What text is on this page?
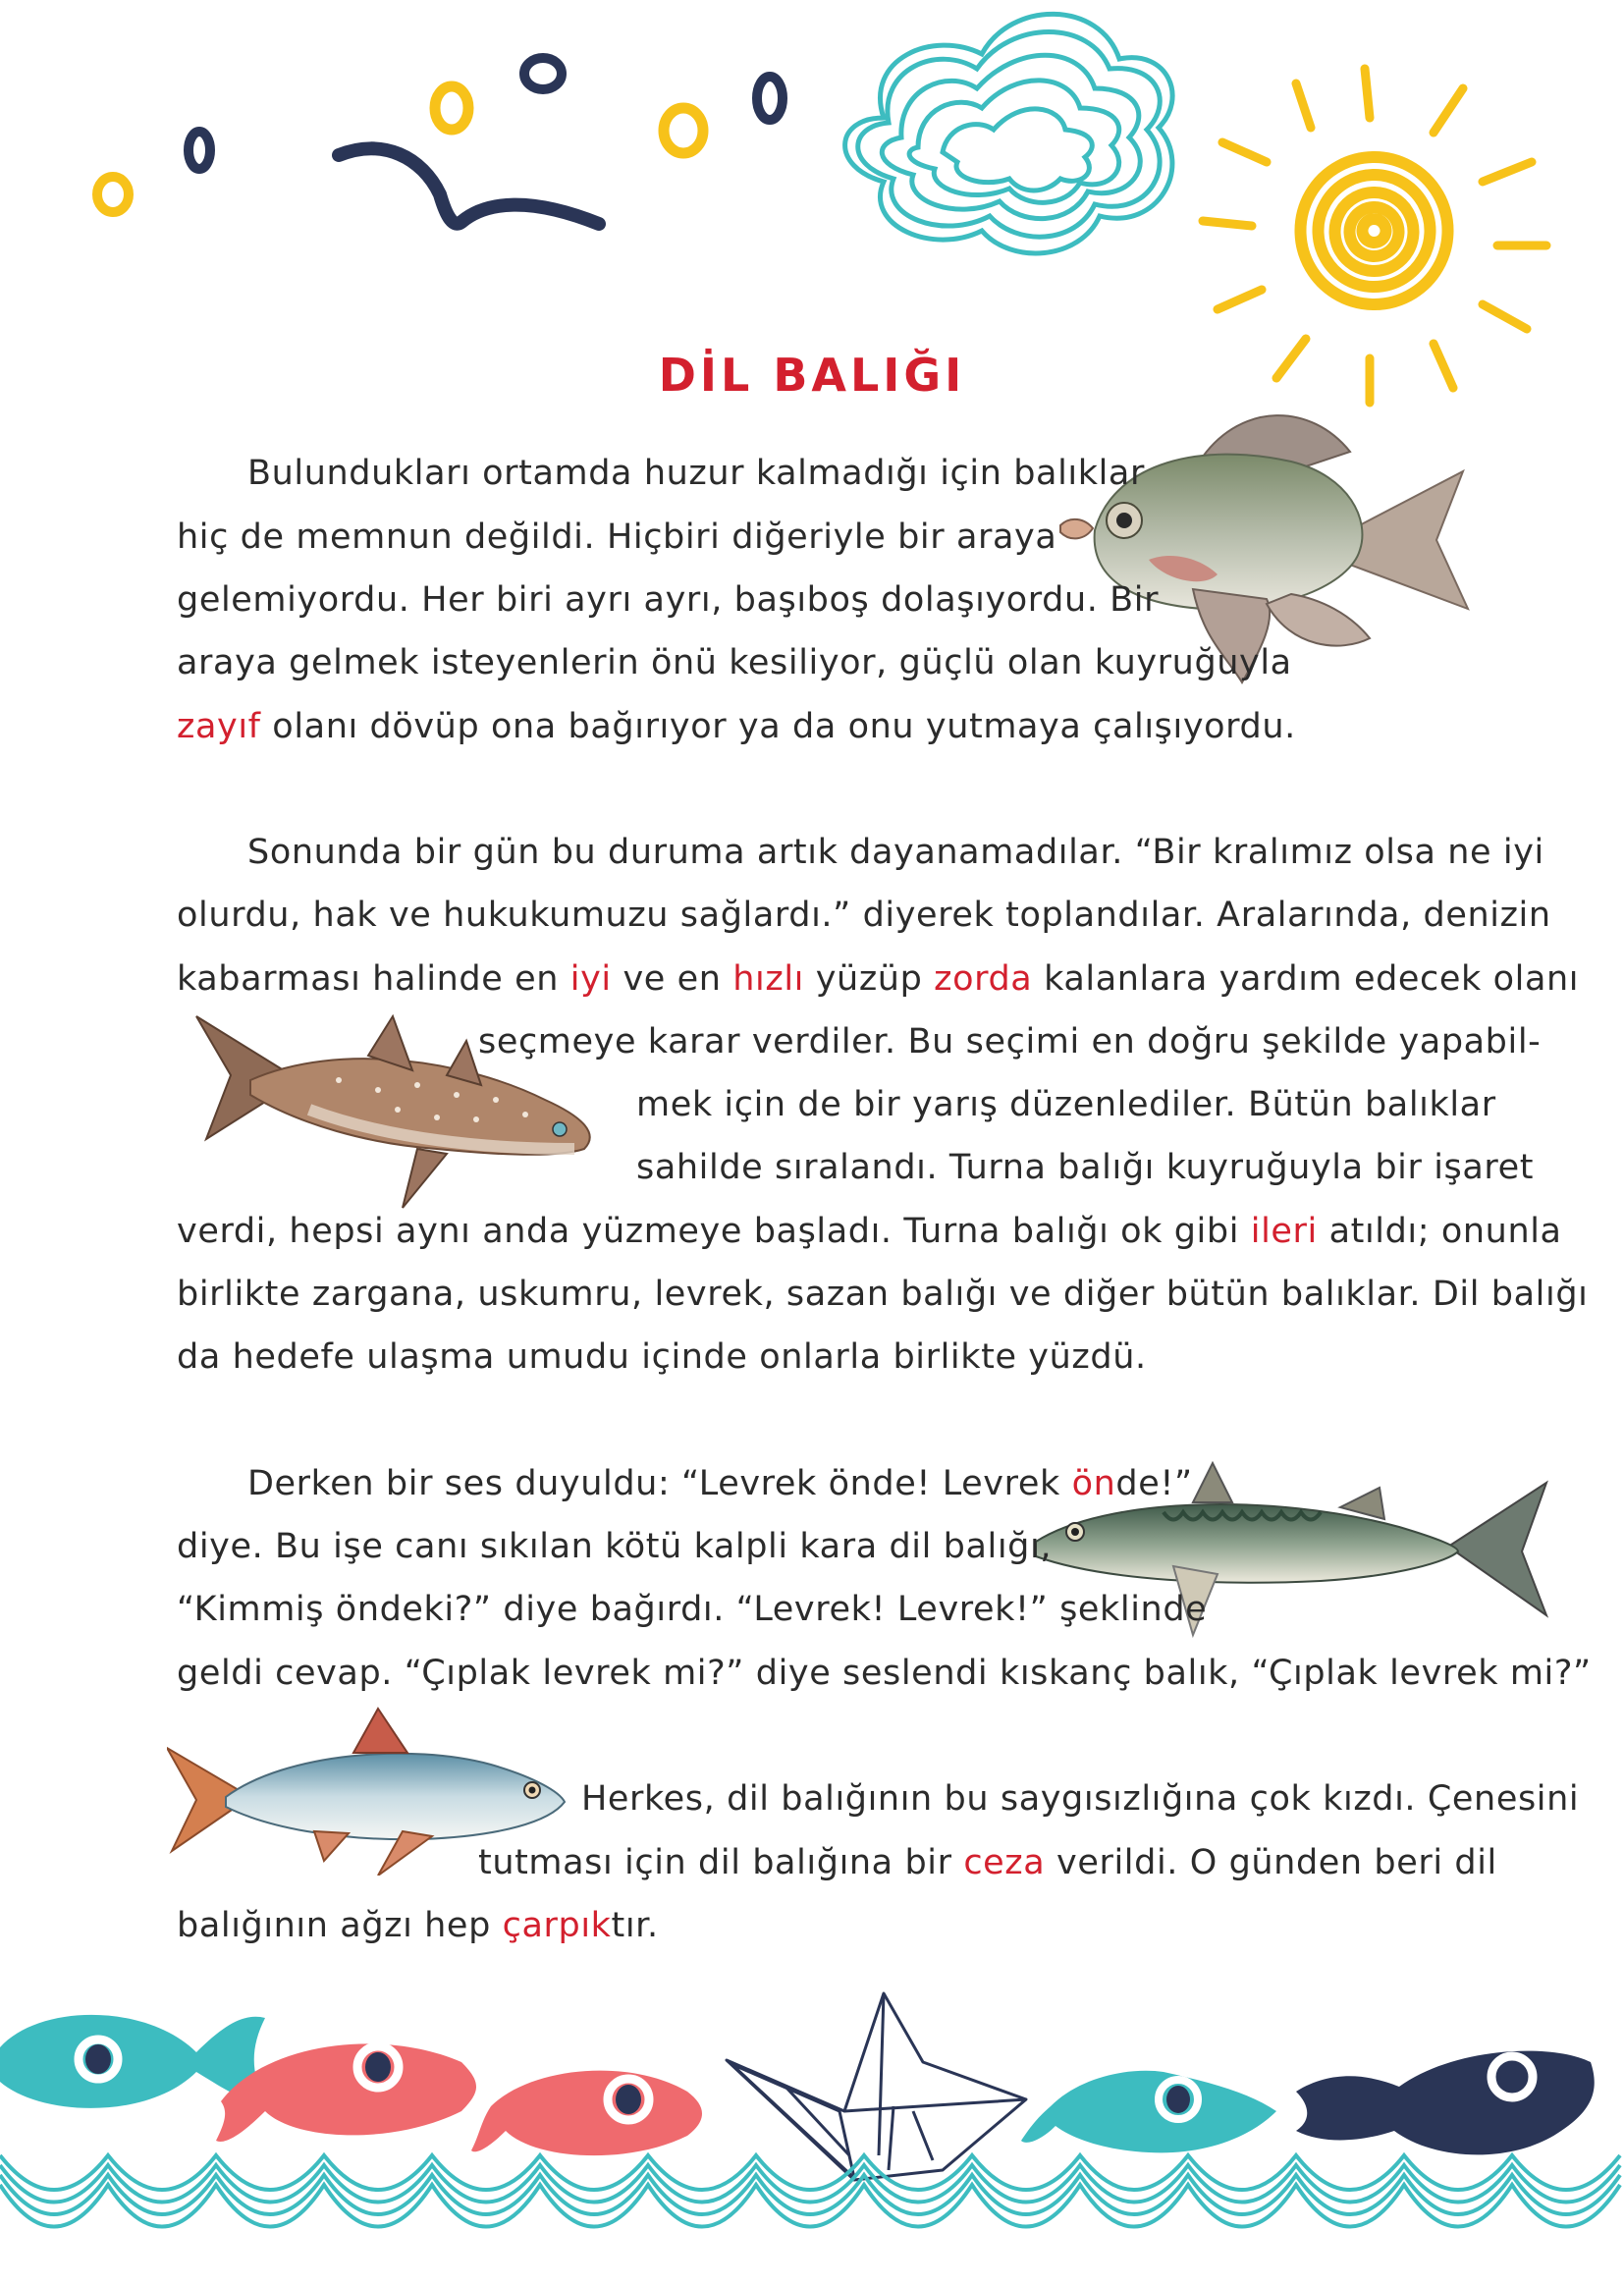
DİL BALIĞI
Bulundukları ortamda huzur kalmadığı için balıklar
hiç de memnun değildi. Hiçbiri diğeriyle bir araya
gelemiyordu. Her biri ayrı ayrı, başıboş dolaşıyordu. Bir
araya gelmek isteyenlerin önü kesiliyor, güçlü olan kuyruğuyla
zayıf olanı dövüp ona bağırıyor ya da onu yutmaya çalışıyordu.
Sonunda bir gün bu duruma artık dayanamadılar. “Bir kralımız olsa ne iyi
olurdu, hak ve hukukumuzu sağlardı.” diyerek toplandılar. Aralarında, denizin
kabarması halinde en iyi ve en hızlı yüzüp zorda kalanlara yardım edecek olanı
seçmeye karar verdiler. Bu seçimi en doğru şekilde yapabil-
mek için de bir yarış düzenlediler. Bütün balıklar
sahilde sıralandı. Turna balığı kuyruğuyla bir işaret
verdi, hepsi aynı anda yüzmeye başladı. Turna balığı ok gibi ileri atıldı; onunla
birlikte zargana, uskumru, levrek, sazan balığı ve diğer bütün balıklar. Dil balığı
da hedefe ulaşma umudu içinde onlarla birlikte yüzdü.
Derken bir ses duyuldu: “Levrek önde! Levrek önde!”
diye. Bu işe canı sıkılan kötü kalpli kara dil balığı,
“Kimmiş öndeki?” diye bağırdı. “Levrek! Levrek!” şeklinde
geldi cevap. “Çıplak levrek mi?” diye seslendi kıskanç balık, “Çıplak levrek mi?”
Herkes, dil balığının bu saygısızlığına çok kızdı. Çenesini
tutması için dil balığına bir ceza verildi. O günden beri dil
balığının ağzı hep çarpıktır.
